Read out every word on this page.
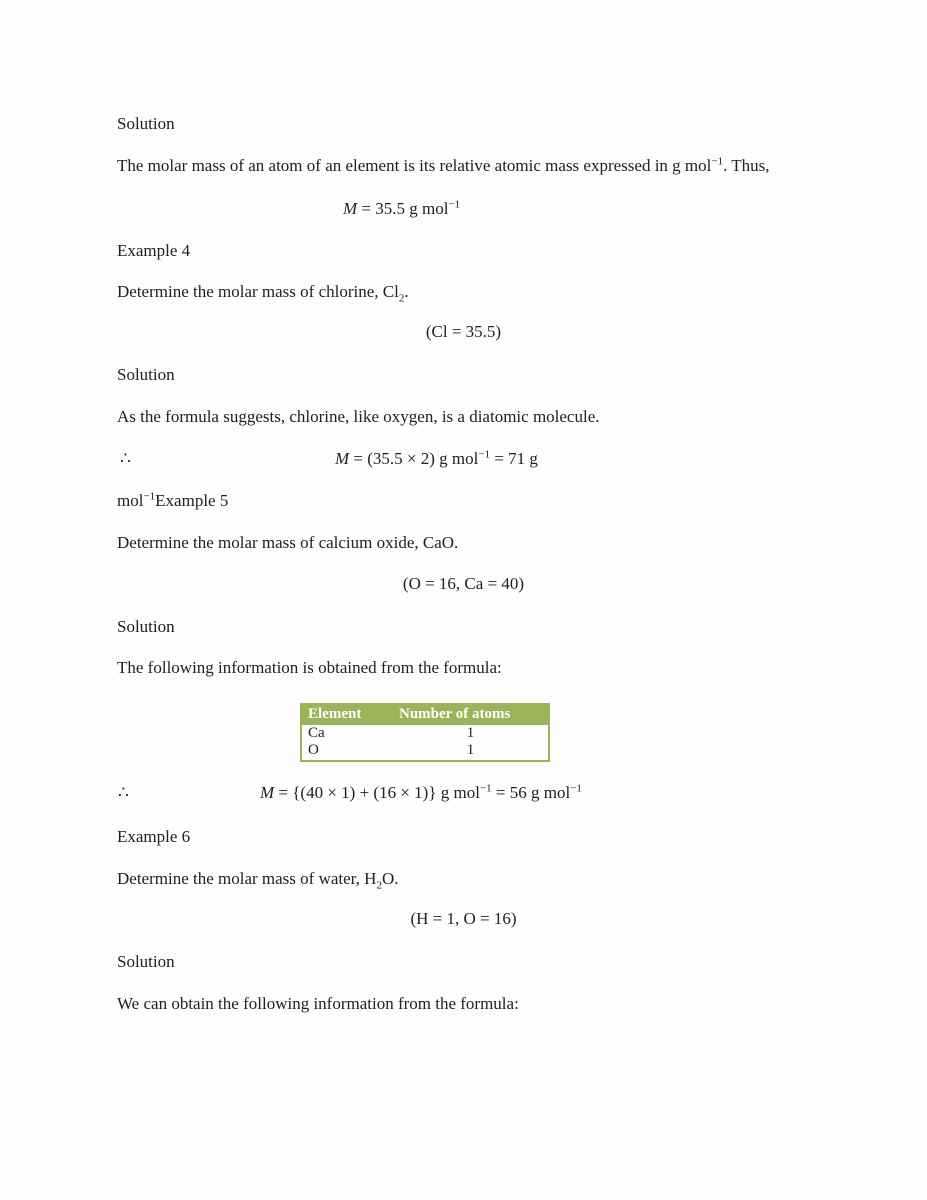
Solution
The molar mass of an atom of an element is its relative atomic mass expressed in g mol$^{-1}$. Thus,
M = 35.5 g mol$^{-1}$
Example 4
Determine the molar mass of chlorine, $Cl_2$.
(Cl = 35.5)
Solution
As the formula suggests, chlorine, like oxygen, is a diatomic molecule.
∴	M = (35.5 × 2) g mol$^{-1}$ = 71 g
mol$^{-1}$Example 5
Determine the molar mass of calcium oxide, CaO.
(O = 16, Ca = 40)
Solution
The following information is obtained from the formula:
Element	Number of atoms
Ca	1
O	1
∴	M = {(40 × 1) + (16 × 1)} g mol$^{-1}$ = 56 g mol$^{-1}$
Example 6
Determine the molar mass of water, $H_2O$.
(H = 1, O = 16)
Solution
We can obtain the following information from the formula:
